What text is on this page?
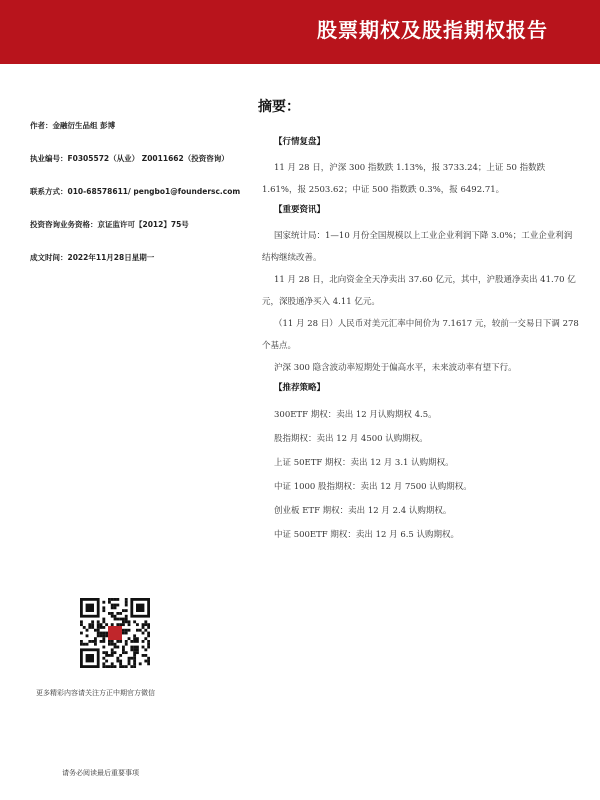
股票期权及股指期权报告
作者：金融衍生品组 彭博
执业编号：F0305572（从业） Z0011662（投资咨询）
联系方式：010-68578611/ pengbo1@foundersc.com
投资咨询业务资格：京证监许可【2012】75号
成文时间：2022年11月28日星期一
摘要：
【行情复盘】

11 月 28 日，沪深 300 指数跌 1.13%，报 3733.24；上证 50 指数跌 1.61%，报 2503.62；中证 500 指数跌 0.3%，报 6492.71。

【重要资讯】

国家统计局：1—10 月份全国规模以上工业企业利润下降 3.0%；工业企业利润结构继续改善。

11 月 28 日，北向资金全天净卖出 37.60 亿元，其中，沪股通净卖出 41.70 亿元，深股通净买入 4.11 亿元。

（11 月 28 日）人民币对美元汇率中间价为 7.1617 元，较前一交易日下调 278 个基点。

沪深 300 隐含波动率短期处于偏高水平，未来波动率有望下行。

【推荐策略】

300ETF 期权：卖出 12 月认购期权 4.5。

股指期权：卖出 12 月 4500 认购期权。

上证 50ETF 期权：卖出 12 月 3.1 认购期权。

中证 1000 股指期权：卖出 12 月 7500 认购期权。

创业板 ETF 期权：卖出 12 月 2.4 认购期权。

中证 500ETF 期权：卖出 12 月 6.5 认购期权。

更多精彩内容请关注方正中期官方微信
请务必阅读最后重要事项
